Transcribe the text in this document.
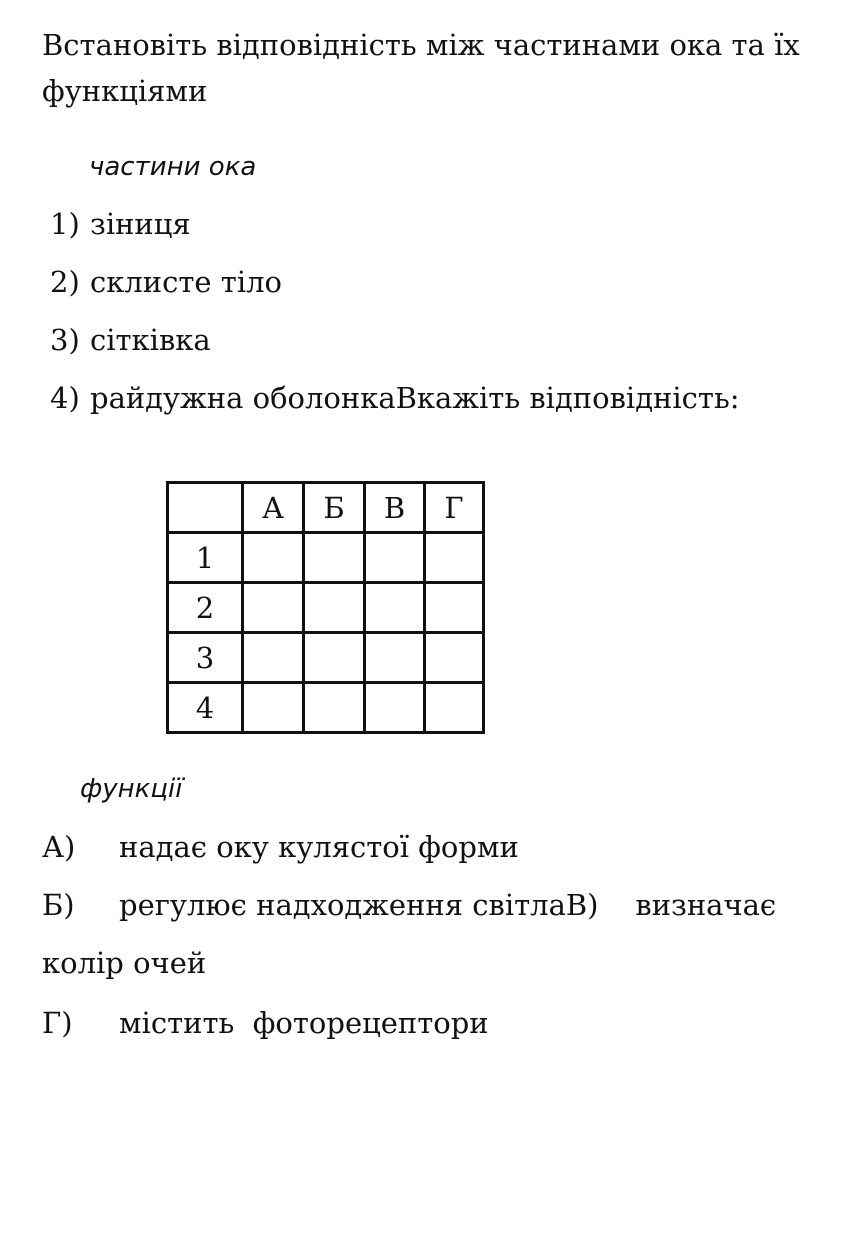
Встановіть відповідність між частинами ока та їх функціями
частини ока
1) зіниця
2) склисте тіло
3) сітківка
4) райдужна оболонкаВкажіть відповідність:
	А	Б	В	Г
1				
2				
3				
4				
функції
А) надає оку кулястої форми
Б) регулює надходження світлаВ)    визначає
колір очей
Г) містить  фоторецептори
